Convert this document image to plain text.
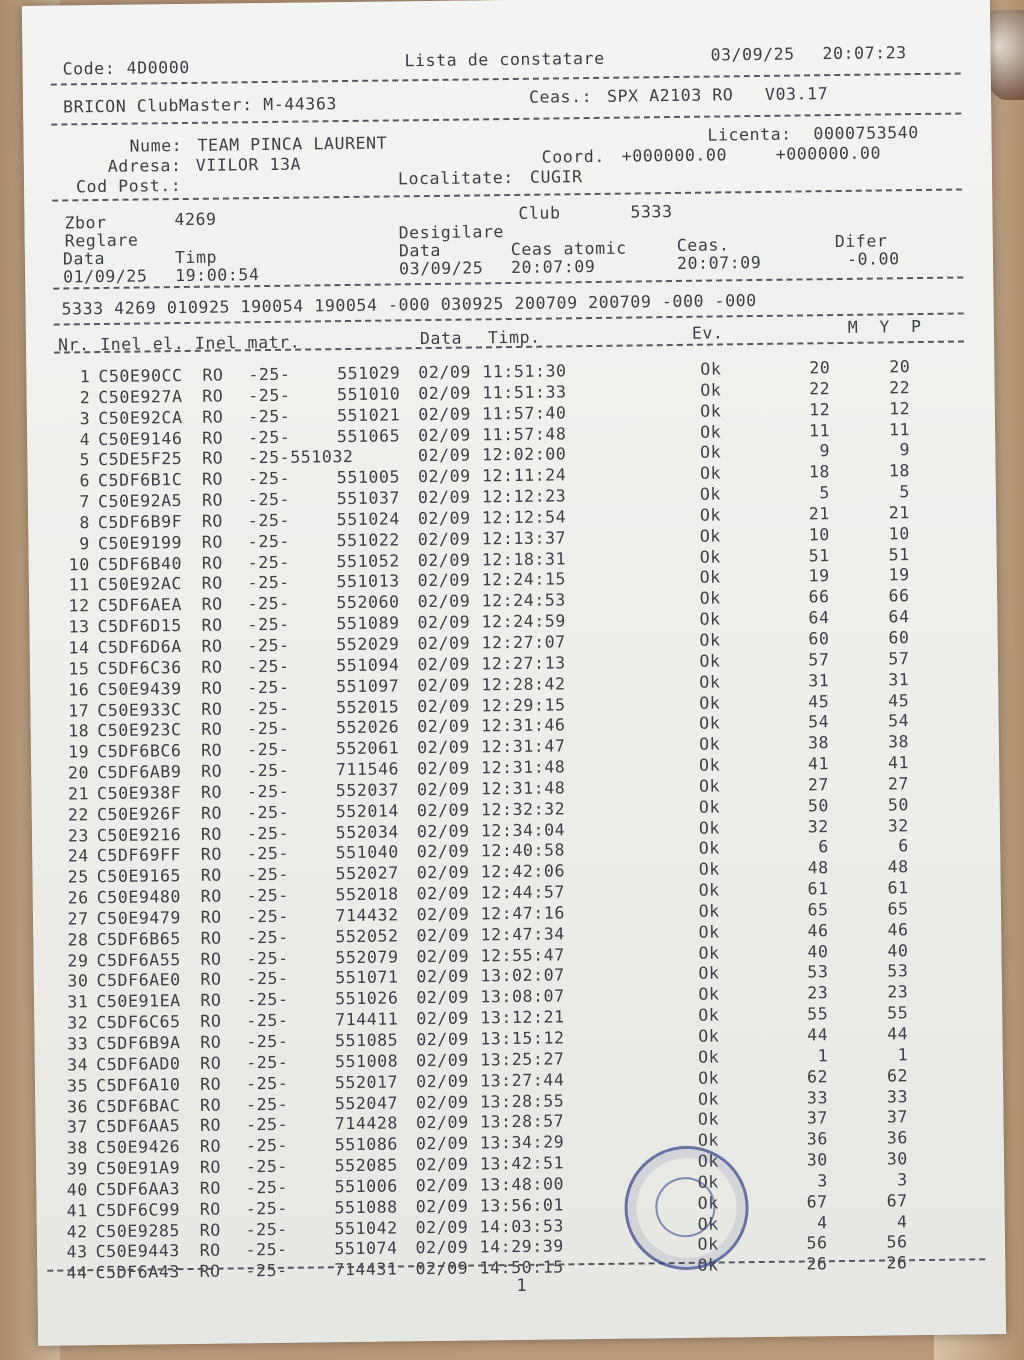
Code: 4D0000	Lista de constatare	03/09/25 20:07:23
BRICON ClubMaster: M-44363	Ceas.: SPX A2103 RO V03.17
Nume: TEAM PINCA LAURENT	Licenta: 0000753540
Adresa: VIILOR 13A	Coord. +000000.00	+000000.00
Cod Post.:	Localitate: CUGIR
Zbor	4269	Club	5333
Reglare	Desigilare
Data	Timp	Data	Ceas atomic	Ceas.	Difer
01/09/25 19:00:54	03/09/25 20:07:09	20:07:09	-0.00
5333 4269 010925 190054 190054 -000 030925 200709 200709 -000 -000
Nr. Inel el. Inel matr.	Data Timp.	Ev.	M  Y  P
1 C50E90CC RO -25-	551029 02/09 11:51:30	Ok	20	20
2 C50E927A RO -25-	551010 02/09 11:51:33	Ok	22	22
3 C50E92CA RO -25-	551021 02/09 11:57:40	Ok	12	12
4 C50E9146 RO -25-	551065 02/09 11:57:48	Ok	11	11
5 C5DE5F25 RO -25-551032	02/09 12:02:00	Ok	9	9
6 C5DF6B1C RO -25-	551005 02/09 12:11:24	Ok	18	18
7 C50E92A5 RO -25-	551037 02/09 12:12:23	Ok	5	5
8 C5DF6B9F RO -25-	551024 02/09 12:12:54	Ok	21	21
9 C50E9199 RO -25-	551022 02/09 12:13:37	Ok	10	10
10 C5DF6B40 RO -25-	551052 02/09 12:18:31	Ok	51	51
11 C50E92AC RO -25-	551013 02/09 12:24:15	Ok	19	19
12 C5DF6AEA RO -25-	552060 02/09 12:24:53	Ok	66	66
13 C5DF6D15 RO -25-	551089 02/09 12:24:59	Ok	64	64
14 C5DF6D6A RO -25-	552029 02/09 12:27:07	Ok	60	60
15 C5DF6C36 RO -25-	551094 02/09 12:27:13	Ok	57	57
16 C50E9439 RO -25-	551097 02/09 12:28:42	Ok	31	31
17 C50E933C RO -25-	552015 02/09 12:29:15	Ok	45	45
18 C50E923C RO -25-	552026 02/09 12:31:46	Ok	54	54
19 C5DF6BC6 RO -25-	552061 02/09 12:31:47	Ok	38	38
20 C5DF6AB9 RO -25-	711546 02/09 12:31:48	Ok	41	41
21 C50E938F RO -25-	552037 02/09 12:31:48	Ok	27	27
22 C50E926F RO -25-	552014 02/09 12:32:32	Ok	50	50
23 C50E9216 RO -25-	552034 02/09 12:34:04	Ok	32	32
24 C5DF69FF RO -25-	551040 02/09 12:40:58	Ok	6	6
25 C50E9165 RO -25-	552027 02/09 12:42:06	Ok	48	48
26 C50E9480 RO -25-	552018 02/09 12:44:57	Ok	61	61
27 C50E9479 RO -25-	714432 02/09 12:47:16	Ok	65	65
28 C5DF6B65 RO -25-	552052 02/09 12:47:34	Ok	46	46
29 C5DF6A55 RO -25-	552079 02/09 12:55:47	Ok	40	40
30 C5DF6AE0 RO -25-	551071 02/09 13:02:07	Ok	53	53
31 C50E91EA RO -25-	551026 02/09 13:08:07	Ok	23	23
32 C5DF6C65 RO -25-	714411 02/09 13:12:21	Ok	55	55
33 C5DF6B9A RO -25-	551085 02/09 13:15:12	Ok	44	44
34 C5DF6AD0 RO -25-	551008 02/09 13:25:27	Ok	1	1
35 C5DF6A10 RO -25-	552017 02/09 13:27:44	Ok	62	62
36 C5DF6BAC RO -25-	552047 02/09 13:28:55	Ok	33	33
37 C5DF6AA5 RO -25-	714428 02/09 13:28:57	Ok	37	37
38 C50E9426 RO -25-	551086 02/09 13:34:29	Ok	36	36
39 C50E91A9 RO -25-	552085 02/09 13:42:51	Ok	30	30
40 C5DF6AA3 RO -25-	551006 02/09 13:48:00	Ok	3	3
41 C5DF6C99 RO -25-	551088 02/09 13:56:01	Ok	67	67
42 C50E9285 RO -25-	551042 02/09 14:03:53	Ok	4	4
43 C50E9443 RO -25-	551074 02/09 14:29:39	Ok	56	56
44 C5DF6A43 RO -25-	714431 02/09 14:50:15	Ok	26	26
1
